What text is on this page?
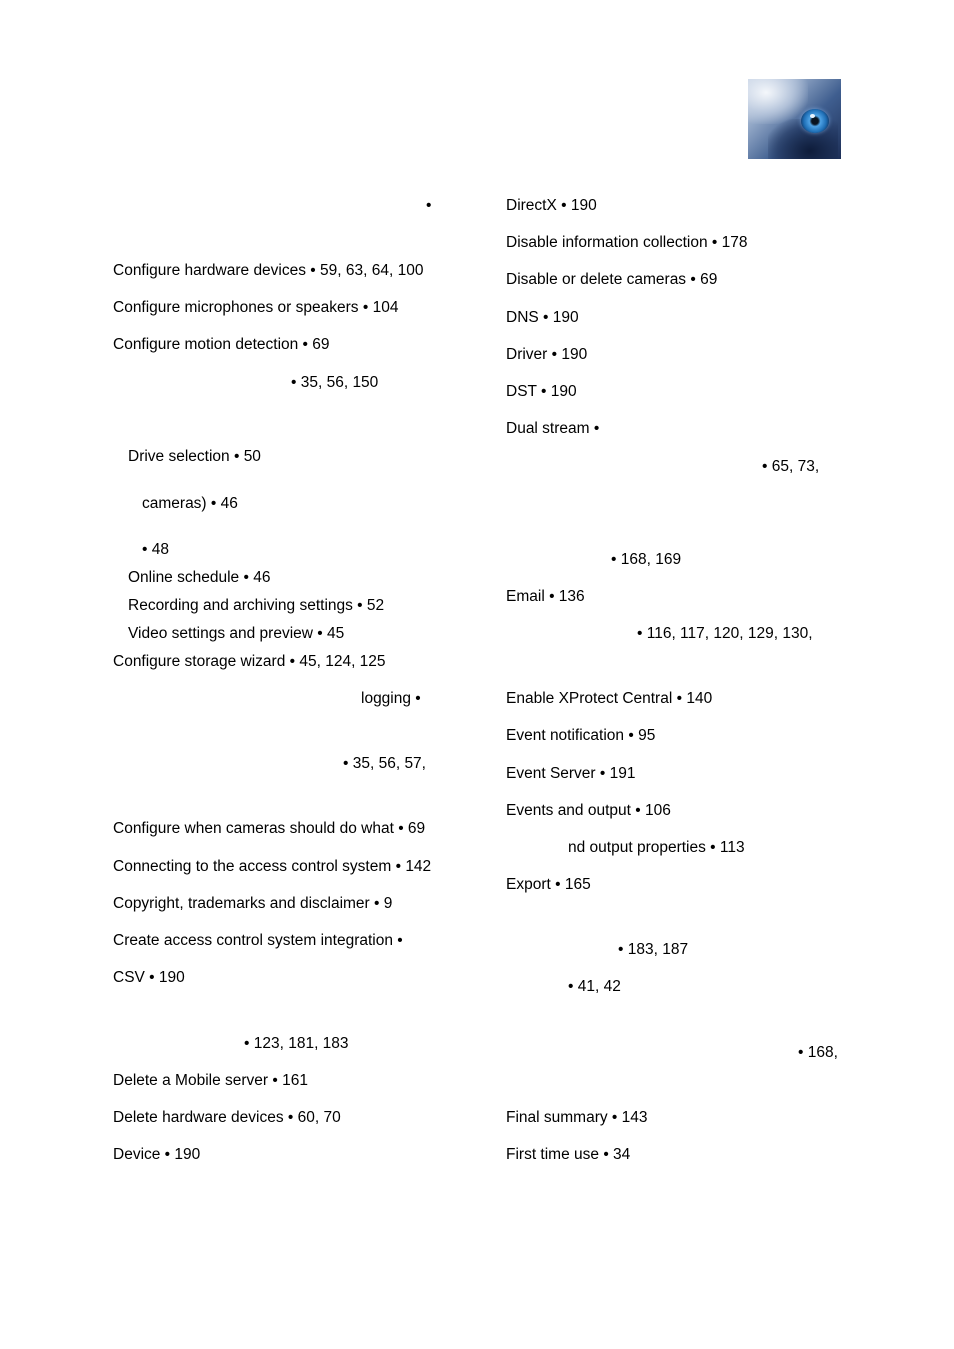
•

Configure hardware devices • 59, 63, 64, 100

Configure microphones or speakers • 104

Configure motion detection • 69

• 35, 56, 150

Drive selection • 50

cameras) • 46

• 48

Online schedule • 46

Recording and archiving settings • 52

Video settings and preview • 45

Configure storage wizard • 45, 124, 125

logging •

• 35, 56, 57,

Configure when cameras should do what • 69

Connecting to the access control system • 142

Copyright, trademarks and disclaimer • 9

Create access control system integration •

CSV • 190

• 123, 181, 183

Delete a Mobile server • 161

Delete hardware devices • 60, 70

Device • 190

DirectX • 190

Disable information collection • 178

Disable or delete cameras • 69

DNS • 190

Driver • 190

DST • 190

Dual stream •

• 65, 73,

• 168, 169

Email • 136

• 116, 117, 120, 129, 130,

Enable XProtect Central • 140

Event notification • 95

Event Server • 191

Events and output • 106

nd output properties • 113

Export • 165

• 183, 187

• 41, 42

• 168,

Final summary • 143

First time use • 34
